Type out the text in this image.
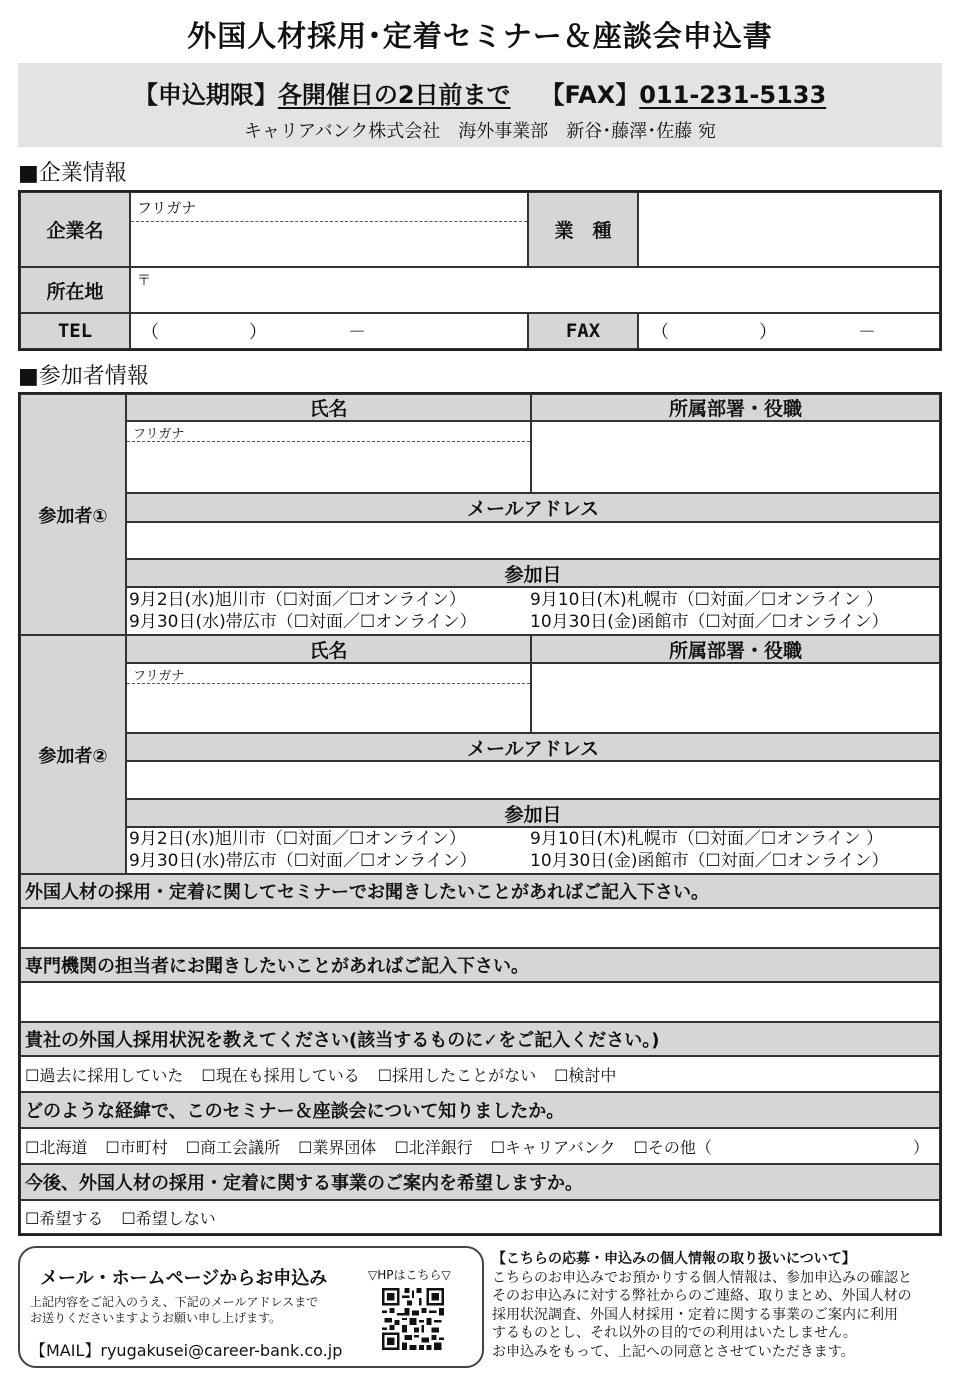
外国人材採用･定着セミナー＆座談会申込書
【申込期限】各開催日の2日前まで 【FAX】011-231-5133
キャリアバンク株式会社　海外事業部　新谷･藤澤･佐藤 宛
■企業情報
企業名
フリガナ
業　種
所在地	〒
TEL	（　　　　　）　　　　　－	FAX	（　　　　　）　　　　　－
■参加者情報
参加者①
氏名	所属部署・役職
フリガナ
メールアドレス
参加日
9月2日(水)旭川市（☐対面／☐オンライン）	9月10日(木)札幌市（☐対面／☐オンライン ）
9月30日(水)帯広市（☐対面／☐オンライン）	10月30日(金)函館市（☐対面／☐オンライン）
参加者②
氏名	所属部署・役職
フリガナ
メールアドレス
参加日
9月2日(水)旭川市（☐対面／☐オンライン）	9月10日(木)札幌市（☐対面／☐オンライン ）
9月30日(水)帯広市（☐対面／☐オンライン）	10月30日(金)函館市（☐対面／☐オンライン）
外国人材の採用・定着に関してセミナーでお聞きしたいことがあればご記入下さい。
専門機関の担当者にお聞きしたいことがあればご記入下さい。
貴社の外国人採用状況を教えてください(該当するものに✓をご記入ください。)
☐過去に採用していた ☐現在も採用している ☐採用したことがない ☐検討中
どのような経緯で、このセミナー＆座談会について知りましたか。
☐北海道 ☐市町村 ☐商工会議所 ☐業界団体 ☐北洋銀行 ☐キャリアバンク ☐その他（	）
今後、外国人材の採用・定着に関する事業のご案内を希望しますか。
☐希望する ☐希望しない
メール・ホームページからお申込み	▽HPはこちら▽
上記内容をご記入のうえ、下記のメールアドレスまで
お送りくださいますようお願い申し上げます。
【MAIL】ryugakusei@career-bank.co.jp
【こちらの応募・申込みの個人情報の取り扱いについて】
こちらのお申込みでお預かりする個人情報は、参加申込みの確認と
そのお申込みに対する弊社からのご連絡、取りまとめ、外国人材の
採用状況調査、外国人材採用・定着に関する事業のご案内に利用
するものとし、それ以外の目的での利用はいたしません。
お申込みをもって、上記への同意とさせていただきます。
